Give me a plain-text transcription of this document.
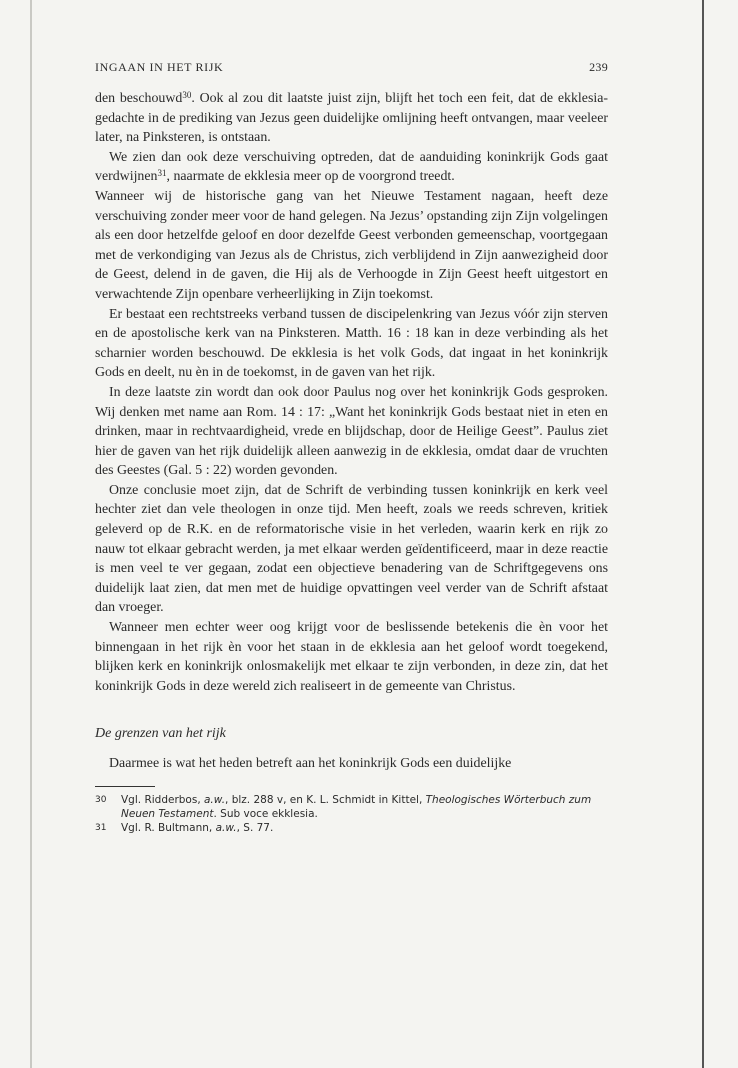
INGAAN IN HET RIJK	239

den beschouwd$^{30}$. Ook al zou dit laatste juist zijn, blijft het toch een feit, dat de ekklesia-gedachte in de prediking van Jezus geen duidelijke omlijning heeft ontvangen, maar veeleer later, na Pinksteren, is ontstaan.

We zien dan ook deze verschuiving optreden, dat de aanduiding koninkrijk Gods gaat verdwijnen$^{31}$, naarmate de ekklesia meer op de voorgrond treedt.

Wanneer wij de historische gang van het Nieuwe Testament nagaan, heeft deze verschuiving zonder meer voor de hand gelegen. Na Jezus’ opstanding zijn Zijn volgelingen als een door hetzelfde geloof en door dezelfde Geest verbonden gemeenschap, voortgegaan met de verkondiging van Jezus als de Christus, zich verblijdend in Zijn aanwezigheid door de Geest, delend in de gaven, die Hij als de Verhoogde in Zijn Geest heeft uitgestort en verwachtende Zijn openbare verheerlijking in Zijn toekomst.

Er bestaat een rechtstreeks verband tussen de discipelenkring van Jezus vóór zijn sterven en de apostolische kerk van na Pinksteren. Matth. 16 : 18 kan in deze verbinding als het scharnier worden beschouwd. De ekklesia is het volk Gods, dat ingaat in het koninkrijk Gods en deelt, nu èn in de toekomst, in de gaven van het rijk.

In deze laatste zin wordt dan ook door Paulus nog over het koninkrijk Gods gesproken. Wij denken met name aan Rom. 14 : 17: „Want het koninkrijk Gods bestaat niet in eten en drinken, maar in rechtvaardigheid, vrede en blijdschap, door de Heilige Geest”. Paulus ziet hier de gaven van het rijk duidelijk alleen aanwezig in de ekklesia, omdat daar de vruchten des Geestes (Gal. 5 : 22) worden gevonden.

Onze conclusie moet zijn, dat de Schrift de verbinding tussen koninkrijk en kerk veel hechter ziet dan vele theologen in onze tijd. Men heeft, zoals we reeds schreven, kritiek geleverd op de R.K. en de reformatorische visie in het verleden, waarin kerk en rijk zo nauw tot elkaar gebracht werden, ja met elkaar werden geïdentificeerd, maar in deze reactie is men veel te ver gegaan, zodat een objectieve benadering van de Schriftgegevens ons duidelijk laat zien, dat men met de huidige opvattingen veel verder van de Schrift afstaat dan vroeger.

Wanneer men echter weer oog krijgt voor de beslissende betekenis die èn voor het binnengaan in het rijk èn voor het staan in de ekklesia aan het geloof wordt toegekend, blijken kerk en koninkrijk onlosmakelijk met elkaar te zijn verbonden, in deze zin, dat het koninkrijk Gods in deze wereld zich realiseert in de gemeente van Christus.

De grenzen van het rijk

Daarmee is wat het heden betreft aan het koninkrijk Gods een duidelijke

30	Vgl. Ridderbos, a.w., blz. 288 v, en K. L. Schmidt in Kittel, Theologisches Wörterbuch zum Neuen Testament. Sub voce ekklesia.
31	Vgl. R. Bultmann, a.w., S. 77.
